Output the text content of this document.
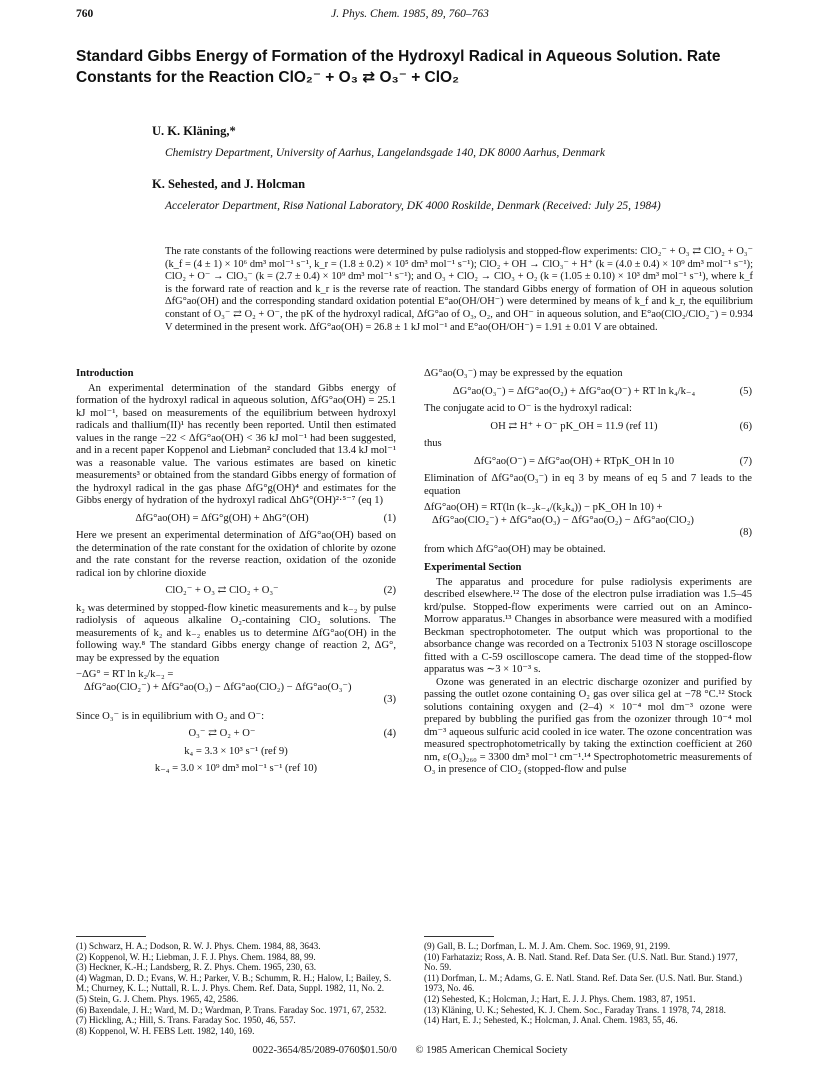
760	J. Phys. Chem. 1985, 89, 760–763
Standard Gibbs Energy of Formation of the Hydroxyl Radical in Aqueous Solution. Rate
Constants for the Reaction ClO₂⁻ + O₃ ⇄ O₃⁻ + ClO₂
U. K. Kläning,*
Chemistry Department, University of Aarhus, Langelandsgade 140, DK 8000 Aarhus, Denmark
K. Sehested, and J. Holcman
Accelerator Department, Risø National Laboratory, DK 4000 Roskilde, Denmark (Received: July 25, 1984)
The rate constants of the following reactions were determined by pulse radiolysis and stopped-flow experiments: ClO₂⁻ + O₃ ⇄ ClO₂ + O₃⁻ (k_f = (4 ± 1) × 10⁶ dm³ mol⁻¹ s⁻¹, k_r = (1.8 ± 0.2) × 10⁵ dm³ mol⁻¹ s⁻¹); ClO₂ + OH → ClO₃⁻ + H⁺ (k = (4.0 ± 0.4) × 10⁹ dm³ mol⁻¹ s⁻¹); ClO₂ + O⁻ → ClO₃⁻ (k = (2.7 ± 0.4) × 10⁹ dm³ mol⁻¹ s⁻¹); and O₃ + ClO₂ → ClO₃ + O₂ (k = (1.05 ± 0.10) × 10³ dm³ mol⁻¹ s⁻¹), where k_f is the forward rate of reaction and k_r is the reverse rate of reaction. The standard Gibbs energy of formation of OH in aqueous solution ΔfG°ao(OH) and the corresponding standard oxidation potential E°ao(OH/OH⁻) were determined by means of k_f and k_r, the equilibrium constant of O₃⁻ ⇄ O₂ + O⁻, the pK of the hydroxyl radical, ΔfG°ao of O₃, O₂, and OH⁻ in aqueous solution, and E°ao(ClO₂/ClO₂⁻) = 0.934 V determined in the present work. ΔfG°ao(OH) = 26.8 ± 1 kJ mol⁻¹ and E°ao(OH/OH⁻) = 1.91 ± 0.01 V are obtained.
Introduction

An experimental determination of the standard Gibbs energy of formation of the hydroxyl radical in aqueous solution, ΔfG°ao(OH) = 25.1 kJ mol⁻¹, based on measurements of the equilibrium between hydroxyl radicals and thallium(II)¹ has recently been reported. Until then estimated values in the range −22 < ΔfG°ao(OH) < 36 kJ mol⁻¹ had been suggested, and in a recent paper Koppenol and Liebman² concluded that 13.4 kJ mol⁻¹ was a reasonable value. The various estimates are based on kinetic measurements³ or obtained from the standard Gibbs energy of formation of the hydroxyl radical in the gas phase ΔfG°g(OH)⁴ and estimates for the Gibbs energy of hydration of the hydroxyl radical ΔhG°(OH)²·⁵⁻⁷ (eq 1)

ΔfG°ao(OH) = ΔfG°g(OH) + ΔhG°(OH)	(1)

Here we present an experimental determination of ΔfG°ao(OH) based on the determination of the rate constant for the oxidation of chlorite by ozone and the rate constant for the reverse reaction, oxidation of the ozonide radical ion by chlorine dioxide

ClO₂⁻ + O₃ ⇄ ClO₂ + O₃⁻	(2)

k₂ was determined by stopped-flow kinetic measurements and k₋₂ by pulse radiolysis of aqueous alkaline O₂-containing ClO₂ solutions. The measurements of k₂ and k₋₂ enables us to determine ΔfG°ao(OH) in the following way.⁸ The standard Gibbs energy change of reaction 2, ΔG°, may be expressed by the equation

−ΔG° = RT ln k₂/k₋₂ =
ΔfG°ao(ClO₂⁻) + ΔfG°ao(O₃) − ΔfG°ao(ClO₂) − ΔfG°ao(O₃⁻)
(3)

Since O₃⁻ is in equilibrium with O₂ and O⁻:

O₃⁻ ⇄ O₂ + O⁻	(4)
k₄ = 3.3 × 10³ s⁻¹ (ref 9)
k₋₄ = 3.0 × 10⁹ dm³ mol⁻¹ s⁻¹ (ref 10)

ΔG°ao(O₃⁻) may be expressed by the equation

ΔG°ao(O₃⁻) = ΔfG°ao(O₂) + ΔfG°ao(O⁻) + RT ln k₄/k₋₄	(5)

The conjugate acid to O⁻ is the hydroxyl radical:

OH ⇄ H⁺ + O⁻ pK_OH = 11.9 (ref 11)	(6)

thus

ΔfG°ao(O⁻) = ΔfG°ao(OH) + RTpK_OH ln 10	(7)

Elimination of ΔfG°ao(O₃⁻) in eq 3 by means of eq 5 and 7 leads to the equation

ΔfG°ao(OH) = RT(ln (k₋₂k₋₄/(k₂k₄)) − pK_OH ln 10) +
ΔfG°ao(ClO₂⁻) + ΔfG°ao(O₃) − ΔfG°ao(O₂) − ΔfG°ao(ClO₂)
(8)

from which ΔfG°ao(OH) may be obtained.

Experimental Section

The apparatus and procedure for pulse radiolysis experiments are described elsewhere.¹² The dose of the electron pulse irradiation was 1.5–45 krd/pulse. Stopped-flow experiments were carried out on an Aminco-Morrow apparatus.¹³ Changes in absorbance were measured with a modified Beckman spectrophotometer. The output which was proportional to the absorbance change was recorded on a Tectronix 5103 N storage oscilloscope fitted with a C-59 oscilloscope camera. The dead time of the stopped-flow apparatus was ∼3 × 10⁻³ s.

Ozone was generated in an electric discharge ozonizer and purified by passing the outlet ozone containing O₂ gas over silica gel at −78 °C.¹² Stock solutions containing oxygen and (2–4) × 10⁻⁴ mol dm⁻³ ozone were prepared by bubbling the purified gas from the ozonizer through 10⁻⁴ mol dm⁻³ aqueous sulfuric acid cooled in ice water. The ozone concentration was measured spectrophotometrically by taking the extinction coefficient at 260 nm, ε(O₃)₂₆₀ = 3300 dm³ mol⁻¹ cm⁻¹.¹⁴ Spectrophotometric measurements of O₃ in presence of ClO₂ (stopped-flow and pulse

(1) Schwarz, H. A.; Dodson, R. W. J. Phys. Chem. 1984, 88, 3643.

(2) Koppenol, W. H.; Liebman, J. F. J. Phys. Chem. 1984, 88, 99.

(3) Heckner, K.-H.; Landsberg, R. Z. Phys. Chem. 1965, 230, 63.

(4) Wagman, D. D.; Evans, W. H.; Parker, V. B.; Schumm, R. H.; Halow, I.; Bailey, S. M.; Churney, K. L.; Nuttall, R. L. J. Phys. Chem. Ref. Data, Suppl. 1982, 11, No. 2.

(5) Stein, G. J. Chem. Phys. 1965, 42, 2586.

(6) Baxendale, J. H.; Ward, M. D.; Wardman, P. Trans. Faraday Soc. 1971, 67, 2532.

(7) Hickling, A.; Hill, S. Trans. Faraday Soc. 1950, 46, 557.

(8) Koppenol, W. H. FEBS Lett. 1982, 140, 169.

(9) Gall, B. L.; Dorfman, L. M. J. Am. Chem. Soc. 1969, 91, 2199.

(10) Farhataziz; Ross, A. B. Natl. Stand. Ref. Data Ser. (U.S. Natl. Bur. Stand.) 1977, No. 59.

(11) Dorfman, L. M.; Adams, G. E. Natl. Stand. Ref. Data Ser. (U.S. Natl. Bur. Stand.) 1973, No. 46.

(12) Sehested, K.; Holcman, J.; Hart, E. J. J. Phys. Chem. 1983, 87, 1951.

(13) Kläning, U. K.; Sehested, K. J. Chem. Soc., Faraday Trans. 1 1978, 74, 2818.

(14) Hart, E. J.; Sehested, K.; Holcman, J. Anal. Chem. 1983, 55, 46.

0022-3654/85/2089-0760$01.50/0 © 1985 American Chemical Society
